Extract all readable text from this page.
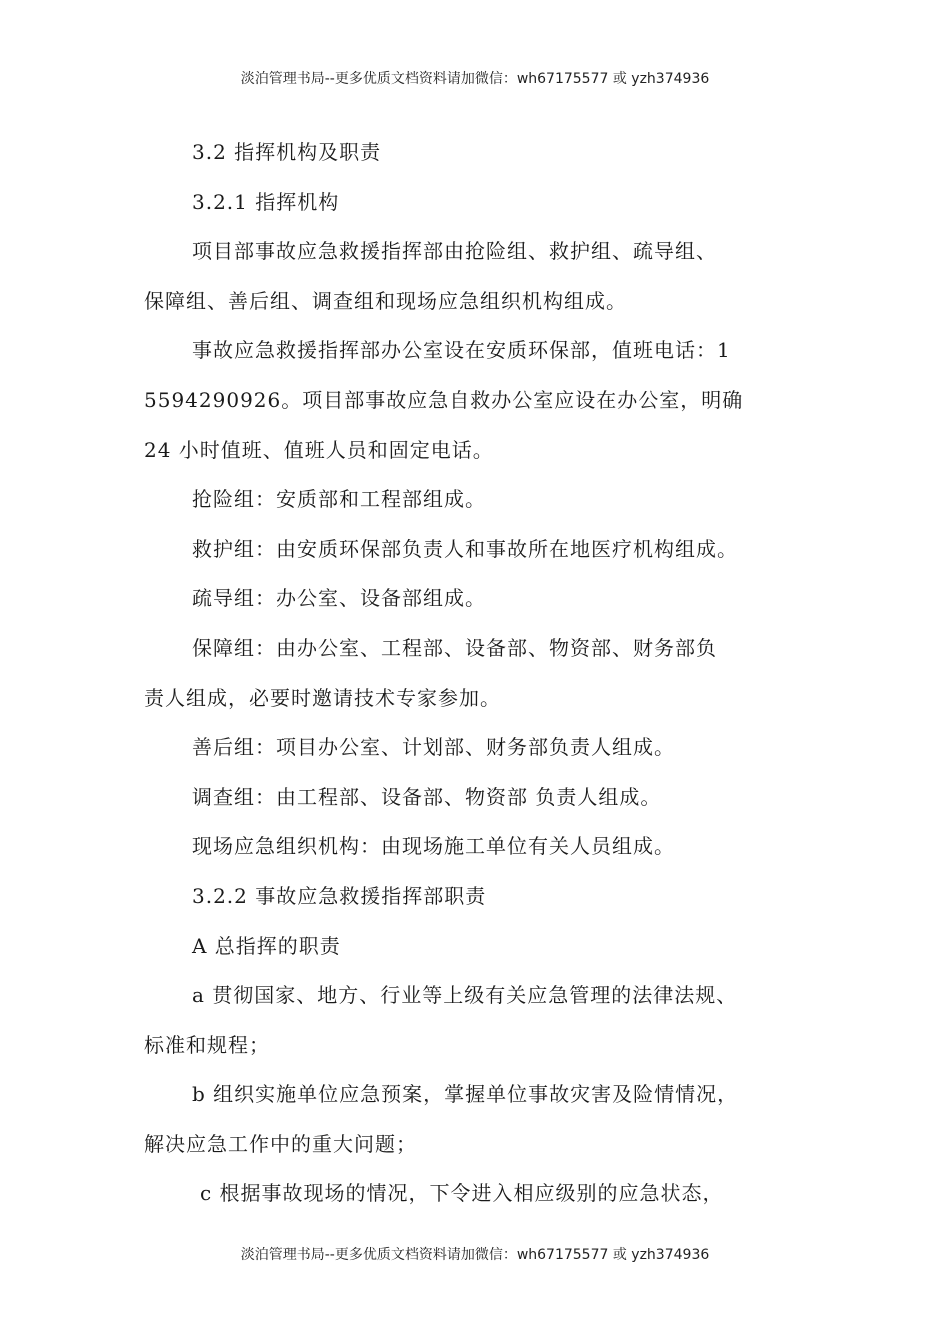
淡泊管理书局--更多优质文档资料请加微信：wh67175577 或 yzh374936
3.2 指挥机构及职责
3.2.1 指挥机构
项目部事故应急救援指挥部由抢险组、救护组、疏导组、
保障组、善后组、调查组和现场应急组织机构组成。
事故应急救援指挥部办公室设在安质环保部，值班电话：1
5594290926。项目部事故应急自救办公室应设在办公室，明确
24 小时值班、值班人员和固定电话。
抢险组：安质部和工程部组成。
救护组：由安质环保部负责人和事故所在地医疗机构组成。
疏导组：办公室、设备部组成。
保障组：由办公室、工程部、设备部、物资部、财务部负
责人组成，必要时邀请技术专家参加。
善后组：项目办公室、计划部、财务部负责人组成。
调查组：由工程部、设备部、物资部 负责人组成。
现场应急组织机构：由现场施工单位有关人员组成。
3.2.2 事故应急救援指挥部职责
A 总指挥的职责
a 贯彻国家、地方、行业等上级有关应急管理的法律法规、
标准和规程；
b 组织实施单位应急预案，掌握单位事故灾害及险情情况，
解决应急工作中的重大问题；
c 根据事故现场的情况，下令进入相应级别的应急状态，
淡泊管理书局--更多优质文档资料请加微信：wh67175577 或 yzh374936
